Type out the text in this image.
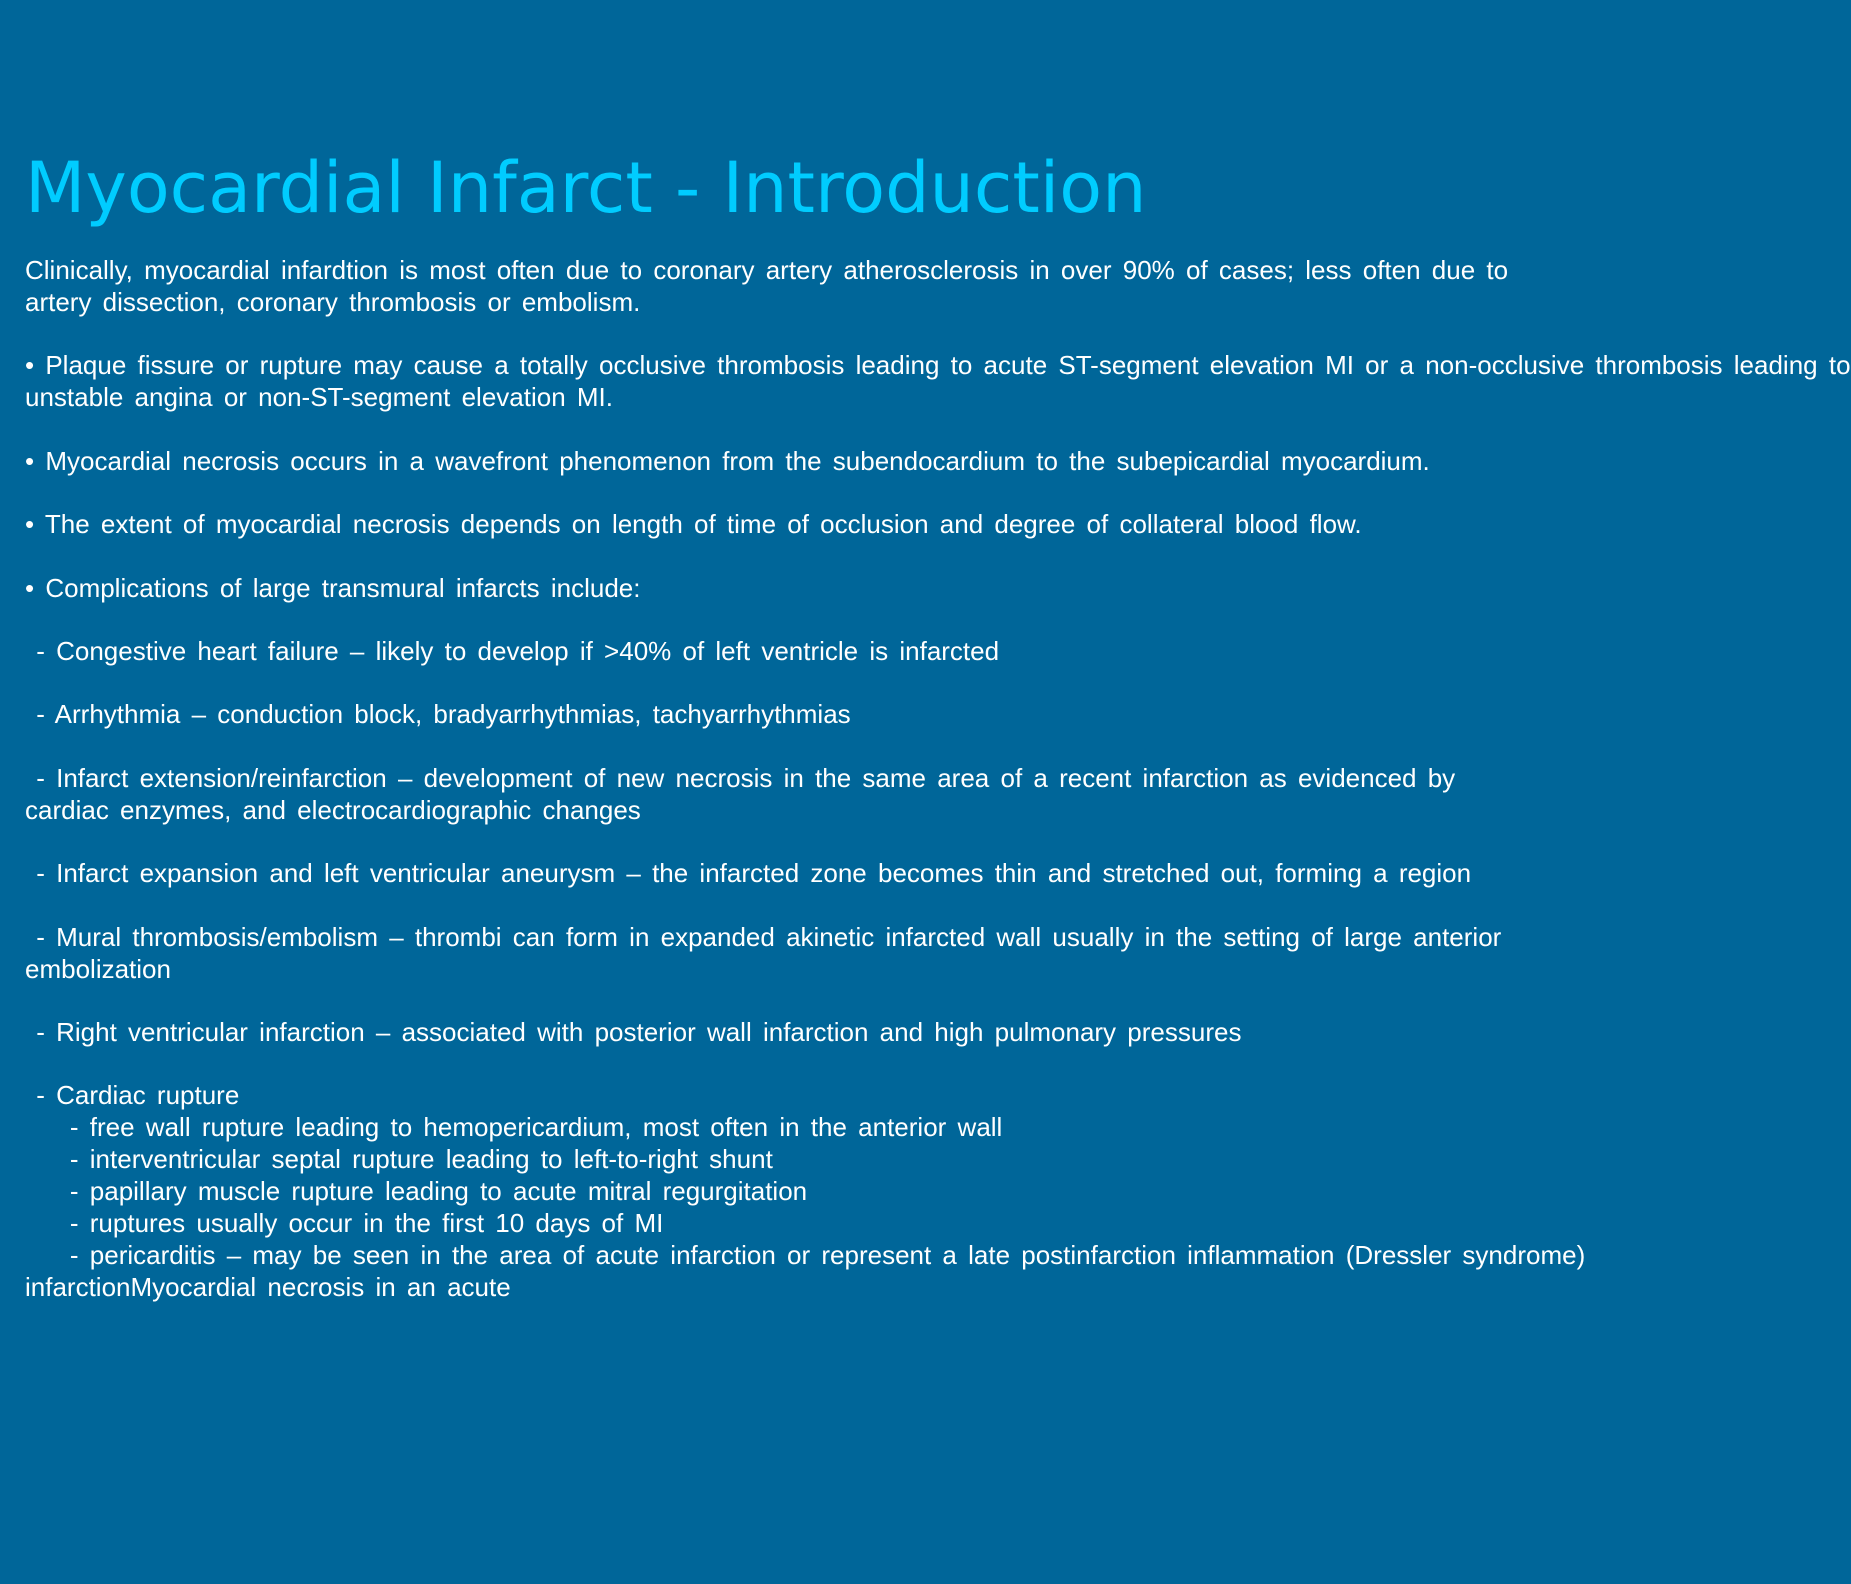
Myocardial Infarct - Introduction
Clinically, myocardial infardtion is most often due to coronary artery atherosclerosis in over 90% of cases; less often due to
artery dissection, coronary thrombosis or embolism.
• Plaque fissure or rupture may cause a totally occlusive thrombosis leading to acute ST-segment elevation MI or a non-occlusive thrombosis leading to
unstable angina or non-ST-segment elevation MI.
• Myocardial necrosis occurs in a wavefront phenomenon from the subendocardium to the subepicardial myocardium.
• The extent of myocardial necrosis depends on length of time of occlusion and degree of collateral blood flow.
• Complications of large transmural infarcts include:
- Congestive heart failure – likely to develop if >40% of left ventricle is infarcted
- Arrhythmia – conduction block, bradyarrhythmias, tachyarrhythmias
- Infarct extension/reinfarction – development of new necrosis in the same area of a recent infarction as evidenced by
cardiac enzymes, and electrocardiographic changes
- Infarct expansion and left ventricular aneurysm – the infarcted zone becomes thin and stretched out, forming a region
- Mural thrombosis/embolism – thrombi can form in expanded akinetic infarcted wall usually in the setting of large anterior
embolization
- Right ventricular infarction – associated with posterior wall infarction and high pulmonary pressures
- Cardiac rupture
- free wall rupture leading to hemopericardium, most often in the anterior wall
- interventricular septal rupture leading to left-to-right shunt
- papillary muscle rupture leading to acute mitral regurgitation
- ruptures usually occur in the first 10 days of MI
- pericarditis – may be seen in the area of acute infarction or represent a late postinfarction inflammation (Dressler syndrome)
infarctionMyocardial necrosis in an acute
